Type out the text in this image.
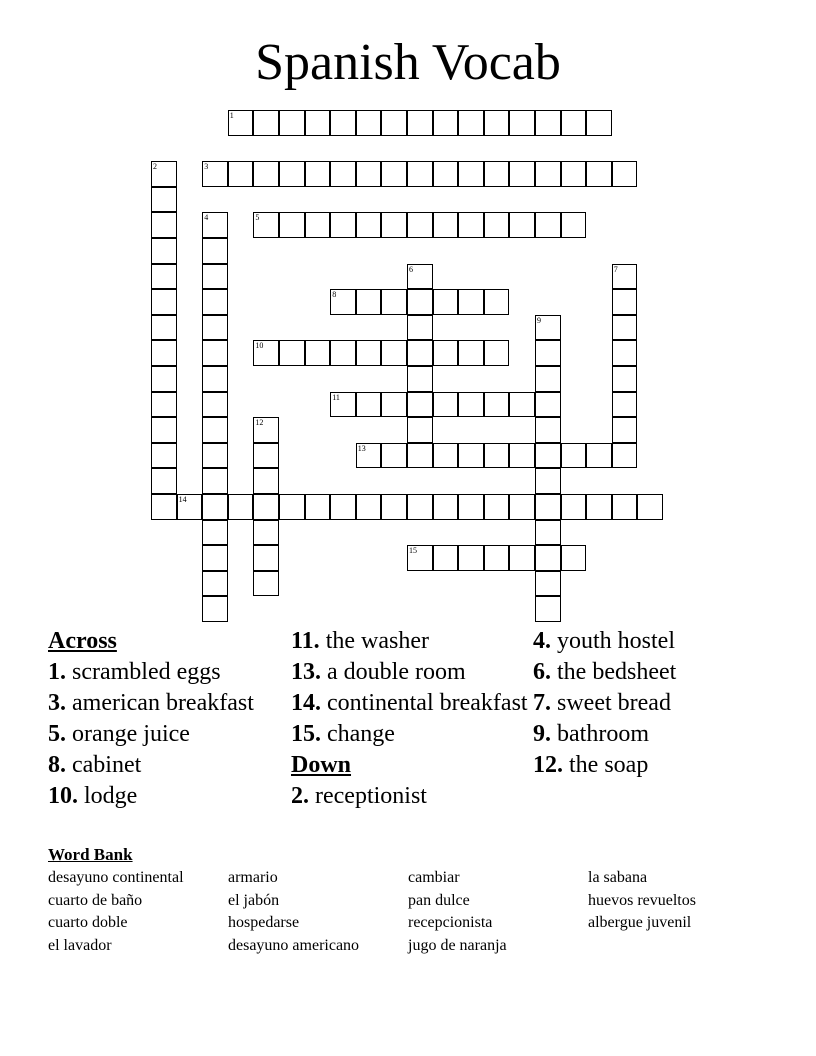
Spanish Vocab
1
2	3
4	5
6	7
8
9
10
11
12
13
14
15
Across
1. scrambled eggs
3. american breakfast
5. orange juice
8. cabinet
10. lodge
11. the washer
13. a double room
14. continental breakfast
15. change
Down
2. receptionist
4. youth hostel
6. the bedsheet
7. sweet bread
9. bathroom
12. the soap
Word Bank
desayuno continental
cuarto de baño
cuarto doble
el lavador
armario
el jabón
hospedarse
desayuno americano
cambiar
pan dulce
recepcionista
jugo de naranja
la sabana
huevos revueltos
albergue juvenil
